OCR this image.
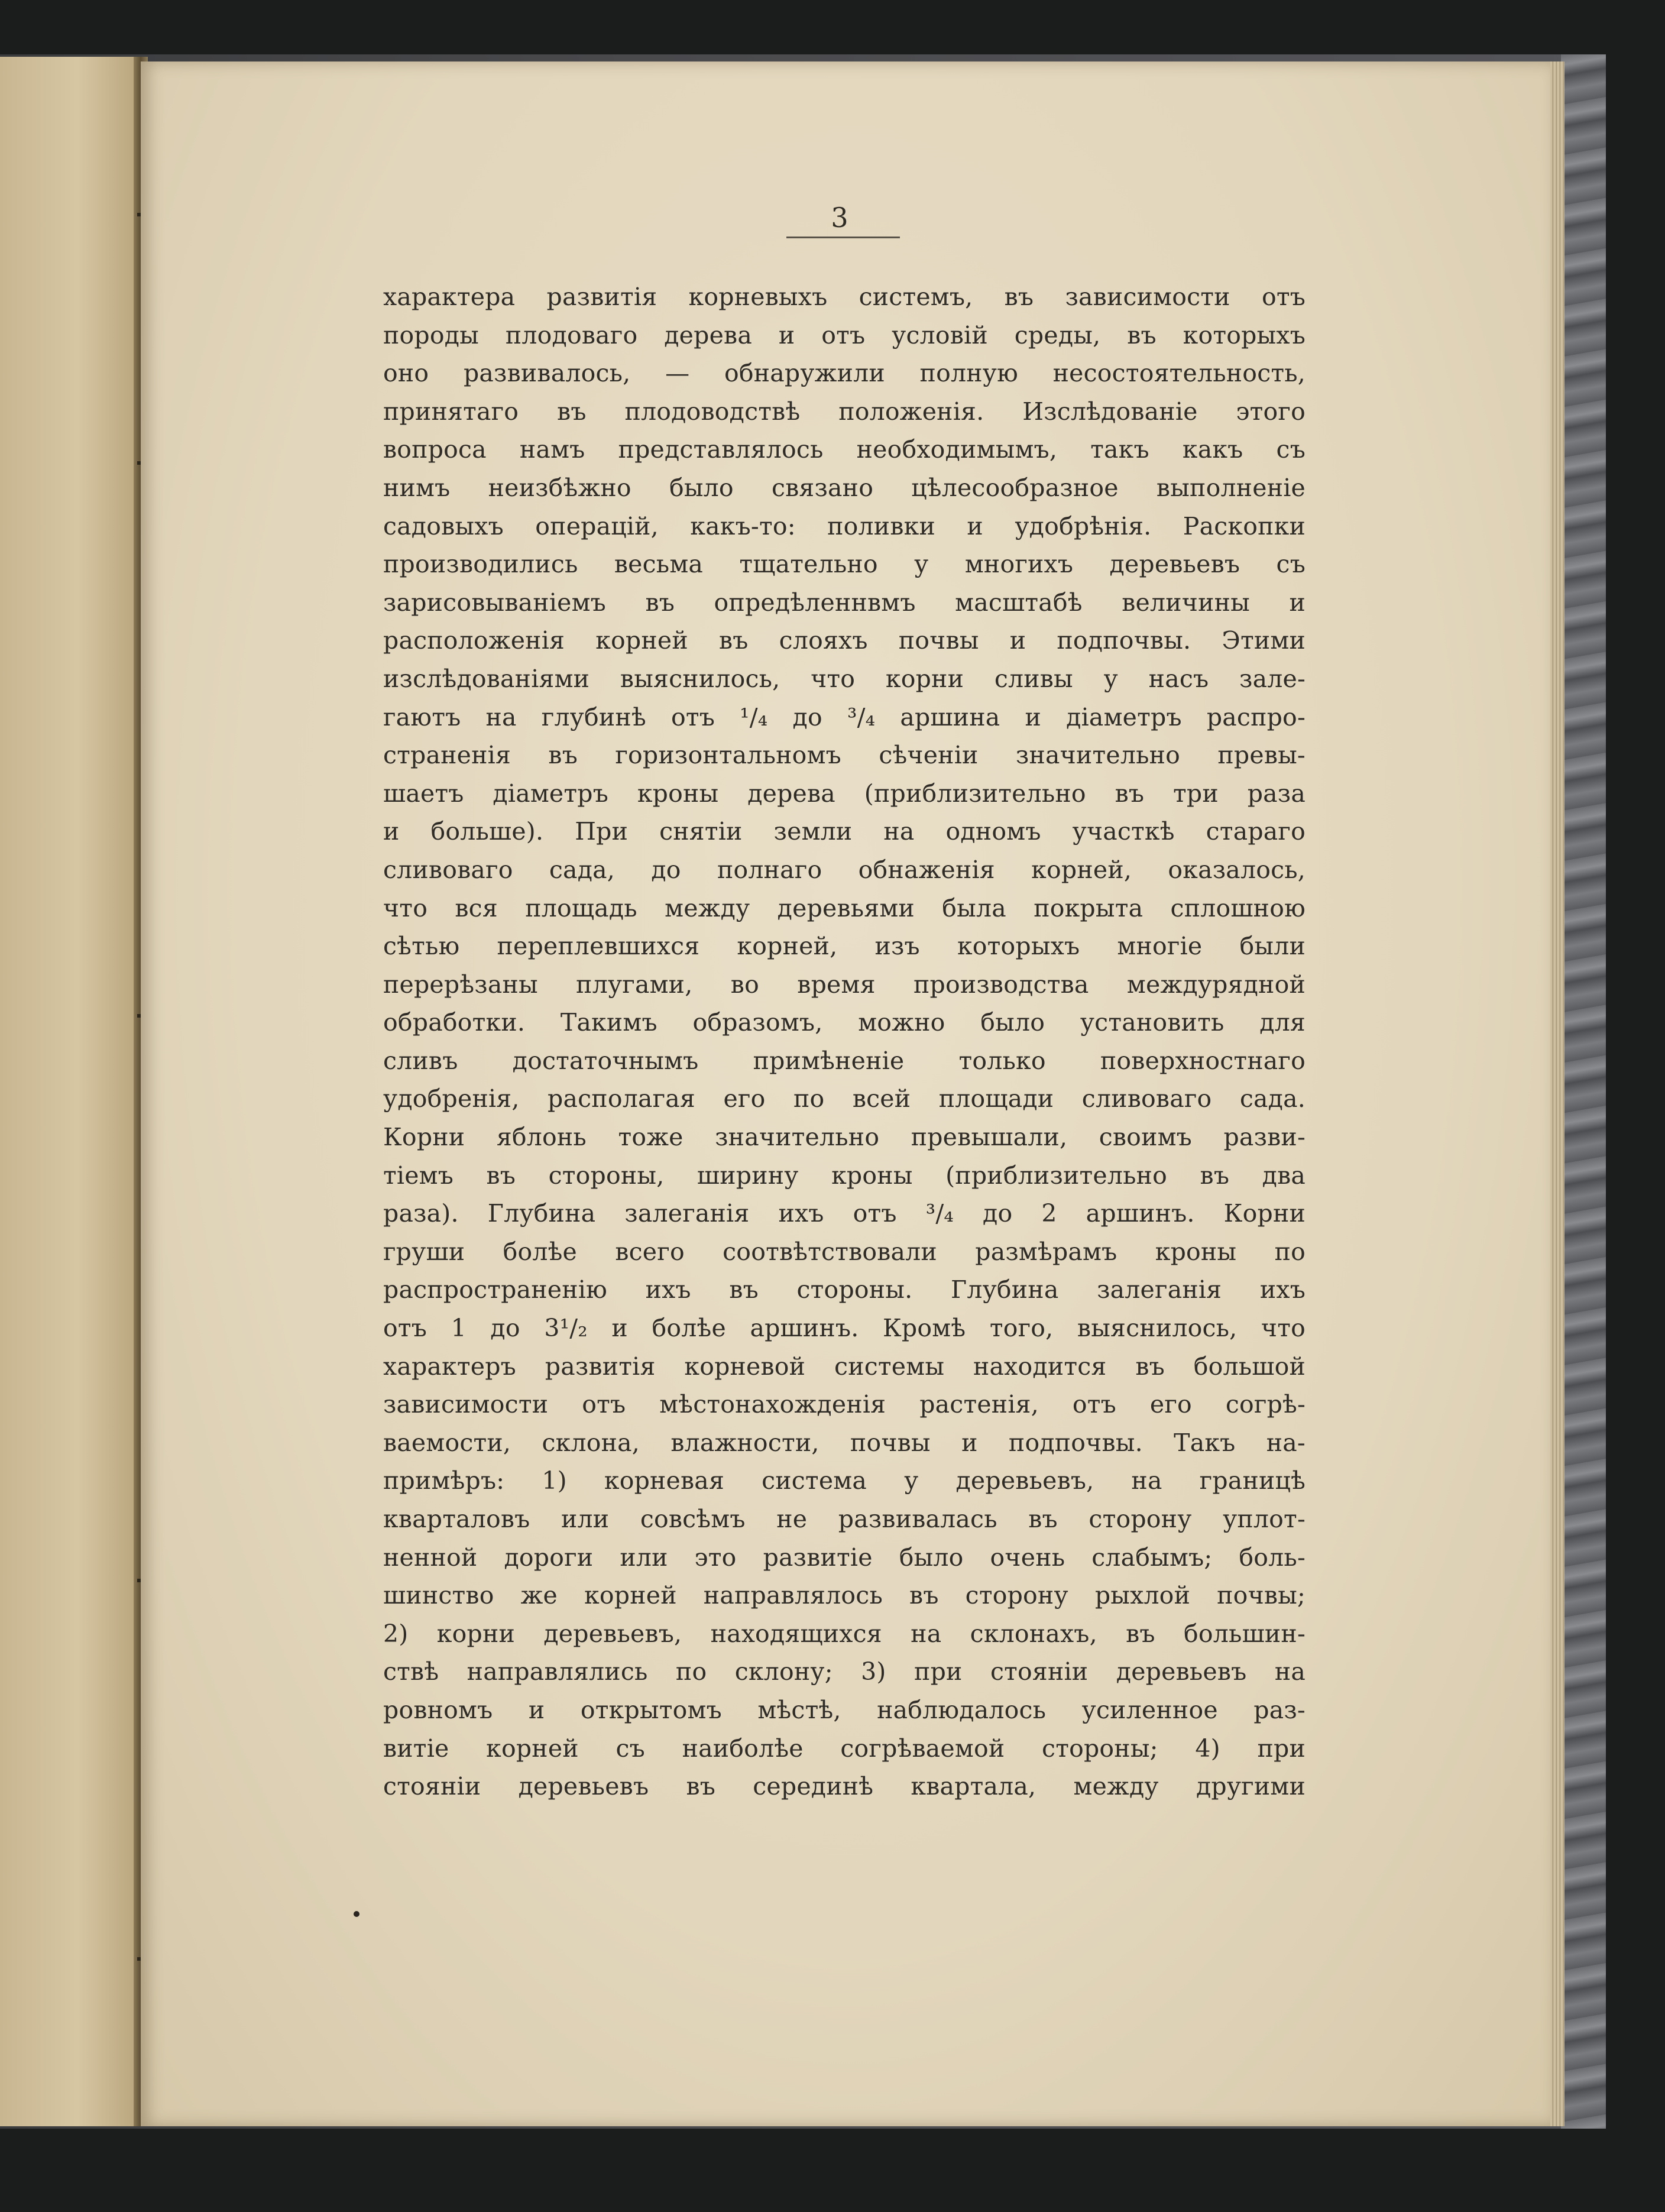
3
характера развитія корневыхъ системъ, въ зависимости отъ
породы плодоваго дерева и отъ условій среды, въ которыхъ
оно развивалось, — обнаружили полную несостоятельность,
принятаго въ плодоводствѣ положенія. Изслѣдованіе этого
вопроса намъ представлялось необходимымъ, такъ какъ съ
нимъ неизбѣжно было связано цѣлесообразное выполненіе
садовыхъ операцій, какъ-то: поливки и удобрѣнія. Раскопки
производились весьма тщательно у многихъ деревьевъ съ
зарисовываніемъ въ опредѣленнвмъ масштабѣ величины и
расположенія корней въ слояхъ почвы и подпочвы. Этими
изслѣдованіями выяснилось, что корни сливы у насъ зале-
гаютъ на глубинѣ отъ ¹/₄ до ³/₄ аршина и діаметръ распро-
страненія въ горизонтальномъ сѣченіи значительно превы-
шаетъ діаметръ кроны дерева (приблизительно въ три раза
и больше). При снятіи земли на одномъ участкѣ стараго
сливоваго сада, до полнаго обнаженія корней, оказалось,
что вся площадь между деревьями была покрыта сплошною
сѣтью переплевшихся корней, изъ которыхъ многіе были
перерѣзаны плугами, во время производства междурядной
обработки. Такимъ образомъ, можно было установить для
сливъ достаточнымъ примѣненіе только поверхностнаго
удобренія, располагая его по всей площади сливоваго сада.
Корни яблонь тоже значительно превышали, своимъ разви-
тіемъ въ стороны, ширину кроны (приблизительно въ два
раза). Глубина залеганія ихъ отъ ³/₄ до 2 аршинъ. Корни
груши болѣе всего соотвѣтствовали размѣрамъ кроны по
распространенію ихъ въ стороны. Глубина залеганія ихъ
отъ 1 до 3¹/₂ и болѣе аршинъ. Кромѣ того, выяснилось, что
характеръ развитія корневой системы находится въ большой
зависимости отъ мѣстонахожденія растенія, отъ его согрѣ-
ваемости, склона, влажности, почвы и подпочвы. Такъ на-
примѣръ: 1) корневая система у деревьевъ, на границѣ
кварталовъ или совсѣмъ не развивалась въ сторону уплот-
ненной дороги или это развитіе было очень слабымъ; боль-
шинство же корней направлялось въ сторону рыхлой почвы;
2) корни деревьевъ, находящихся на склонахъ, въ большин-
ствѣ направлялись по склону; 3) при стояніи деревьевъ на
ровномъ и открытомъ мѣстѣ, наблюдалось усиленное раз-
витіе корней съ наиболѣе согрѣваемой стороны; 4) при
стояніи деревьевъ въ серединѣ квартала, между другими
